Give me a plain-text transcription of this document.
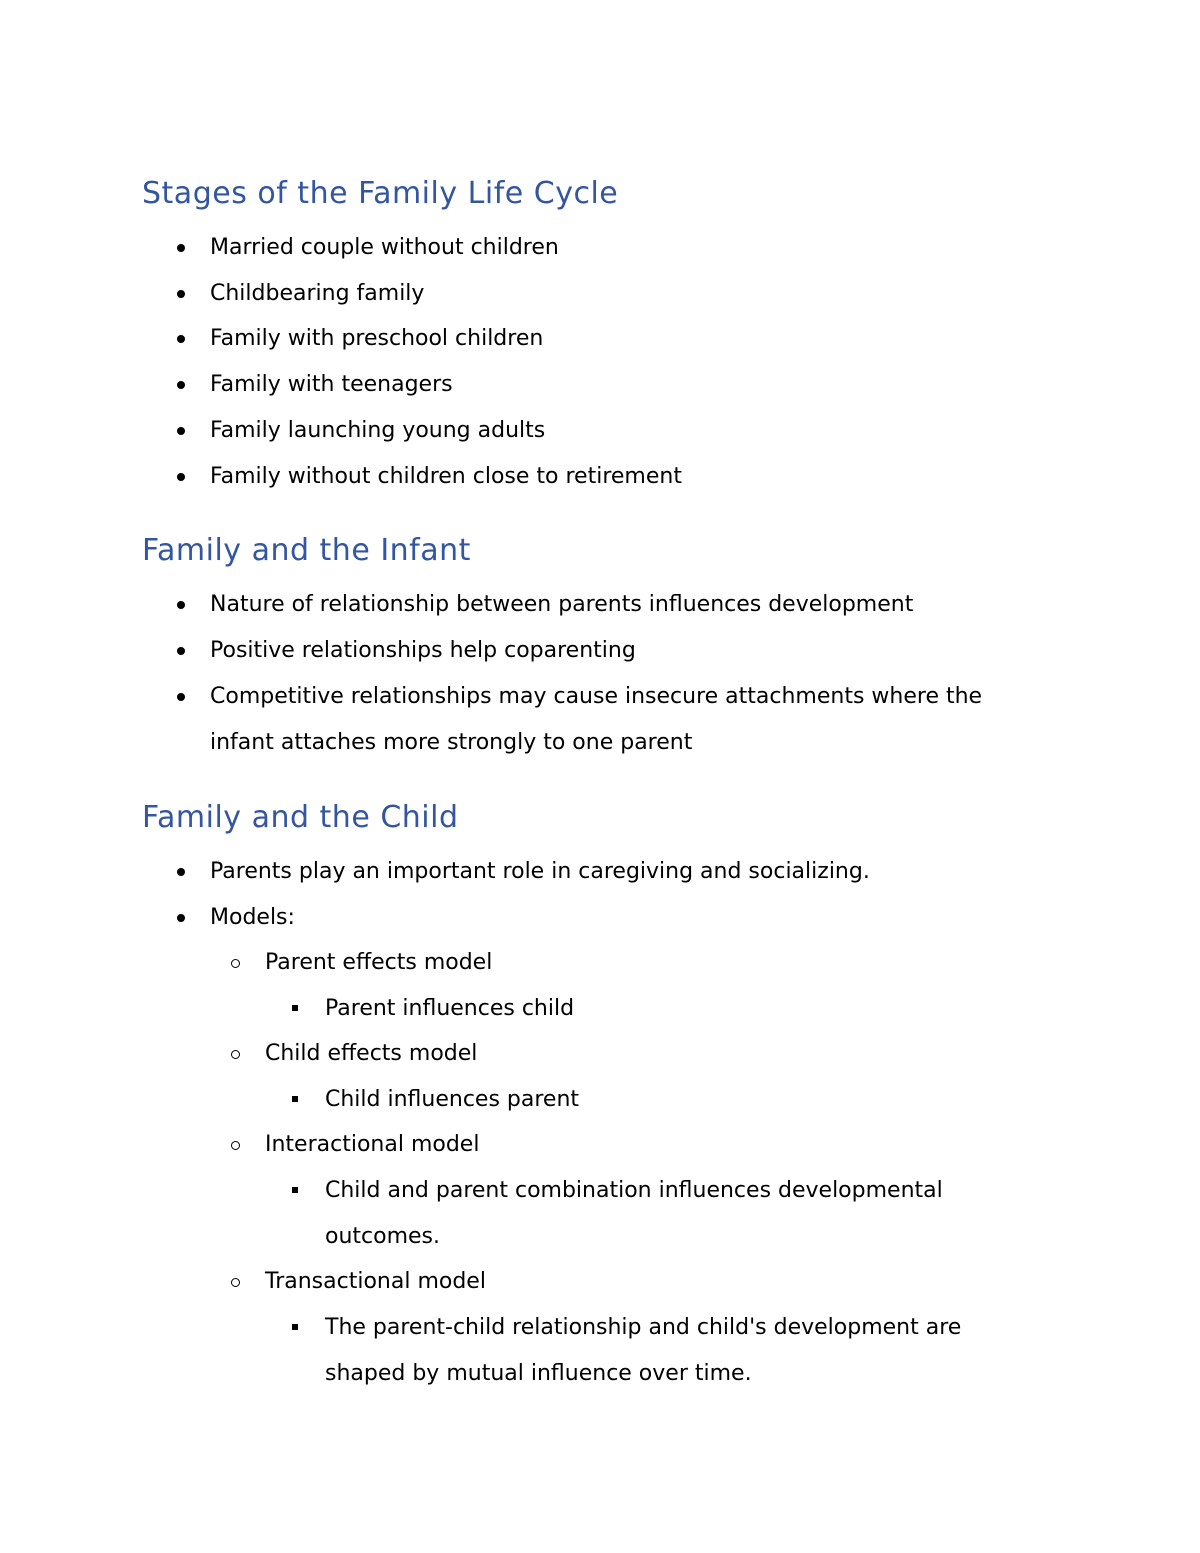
Stages of the Family Life Cycle

Married couple without children

Childbearing family

Family with preschool children

Family with teenagers

Family launching young adults

Family without children close to retirement

Family and the Infant

Nature of relationship between parents influences development

Positive relationships help coparenting

Competitive relationships may cause insecure attachments where the

infant attaches more strongly to one parent

Family and the Child

Parents play an important role in caregiving and socializing.

Models:

Parent effects model

Parent influences child

Child effects model

Child influences parent

Interactional model

Child and parent combination influences developmental

outcomes.

Transactional model

The parent-child relationship and child's development are

shaped by mutual influence over time.
